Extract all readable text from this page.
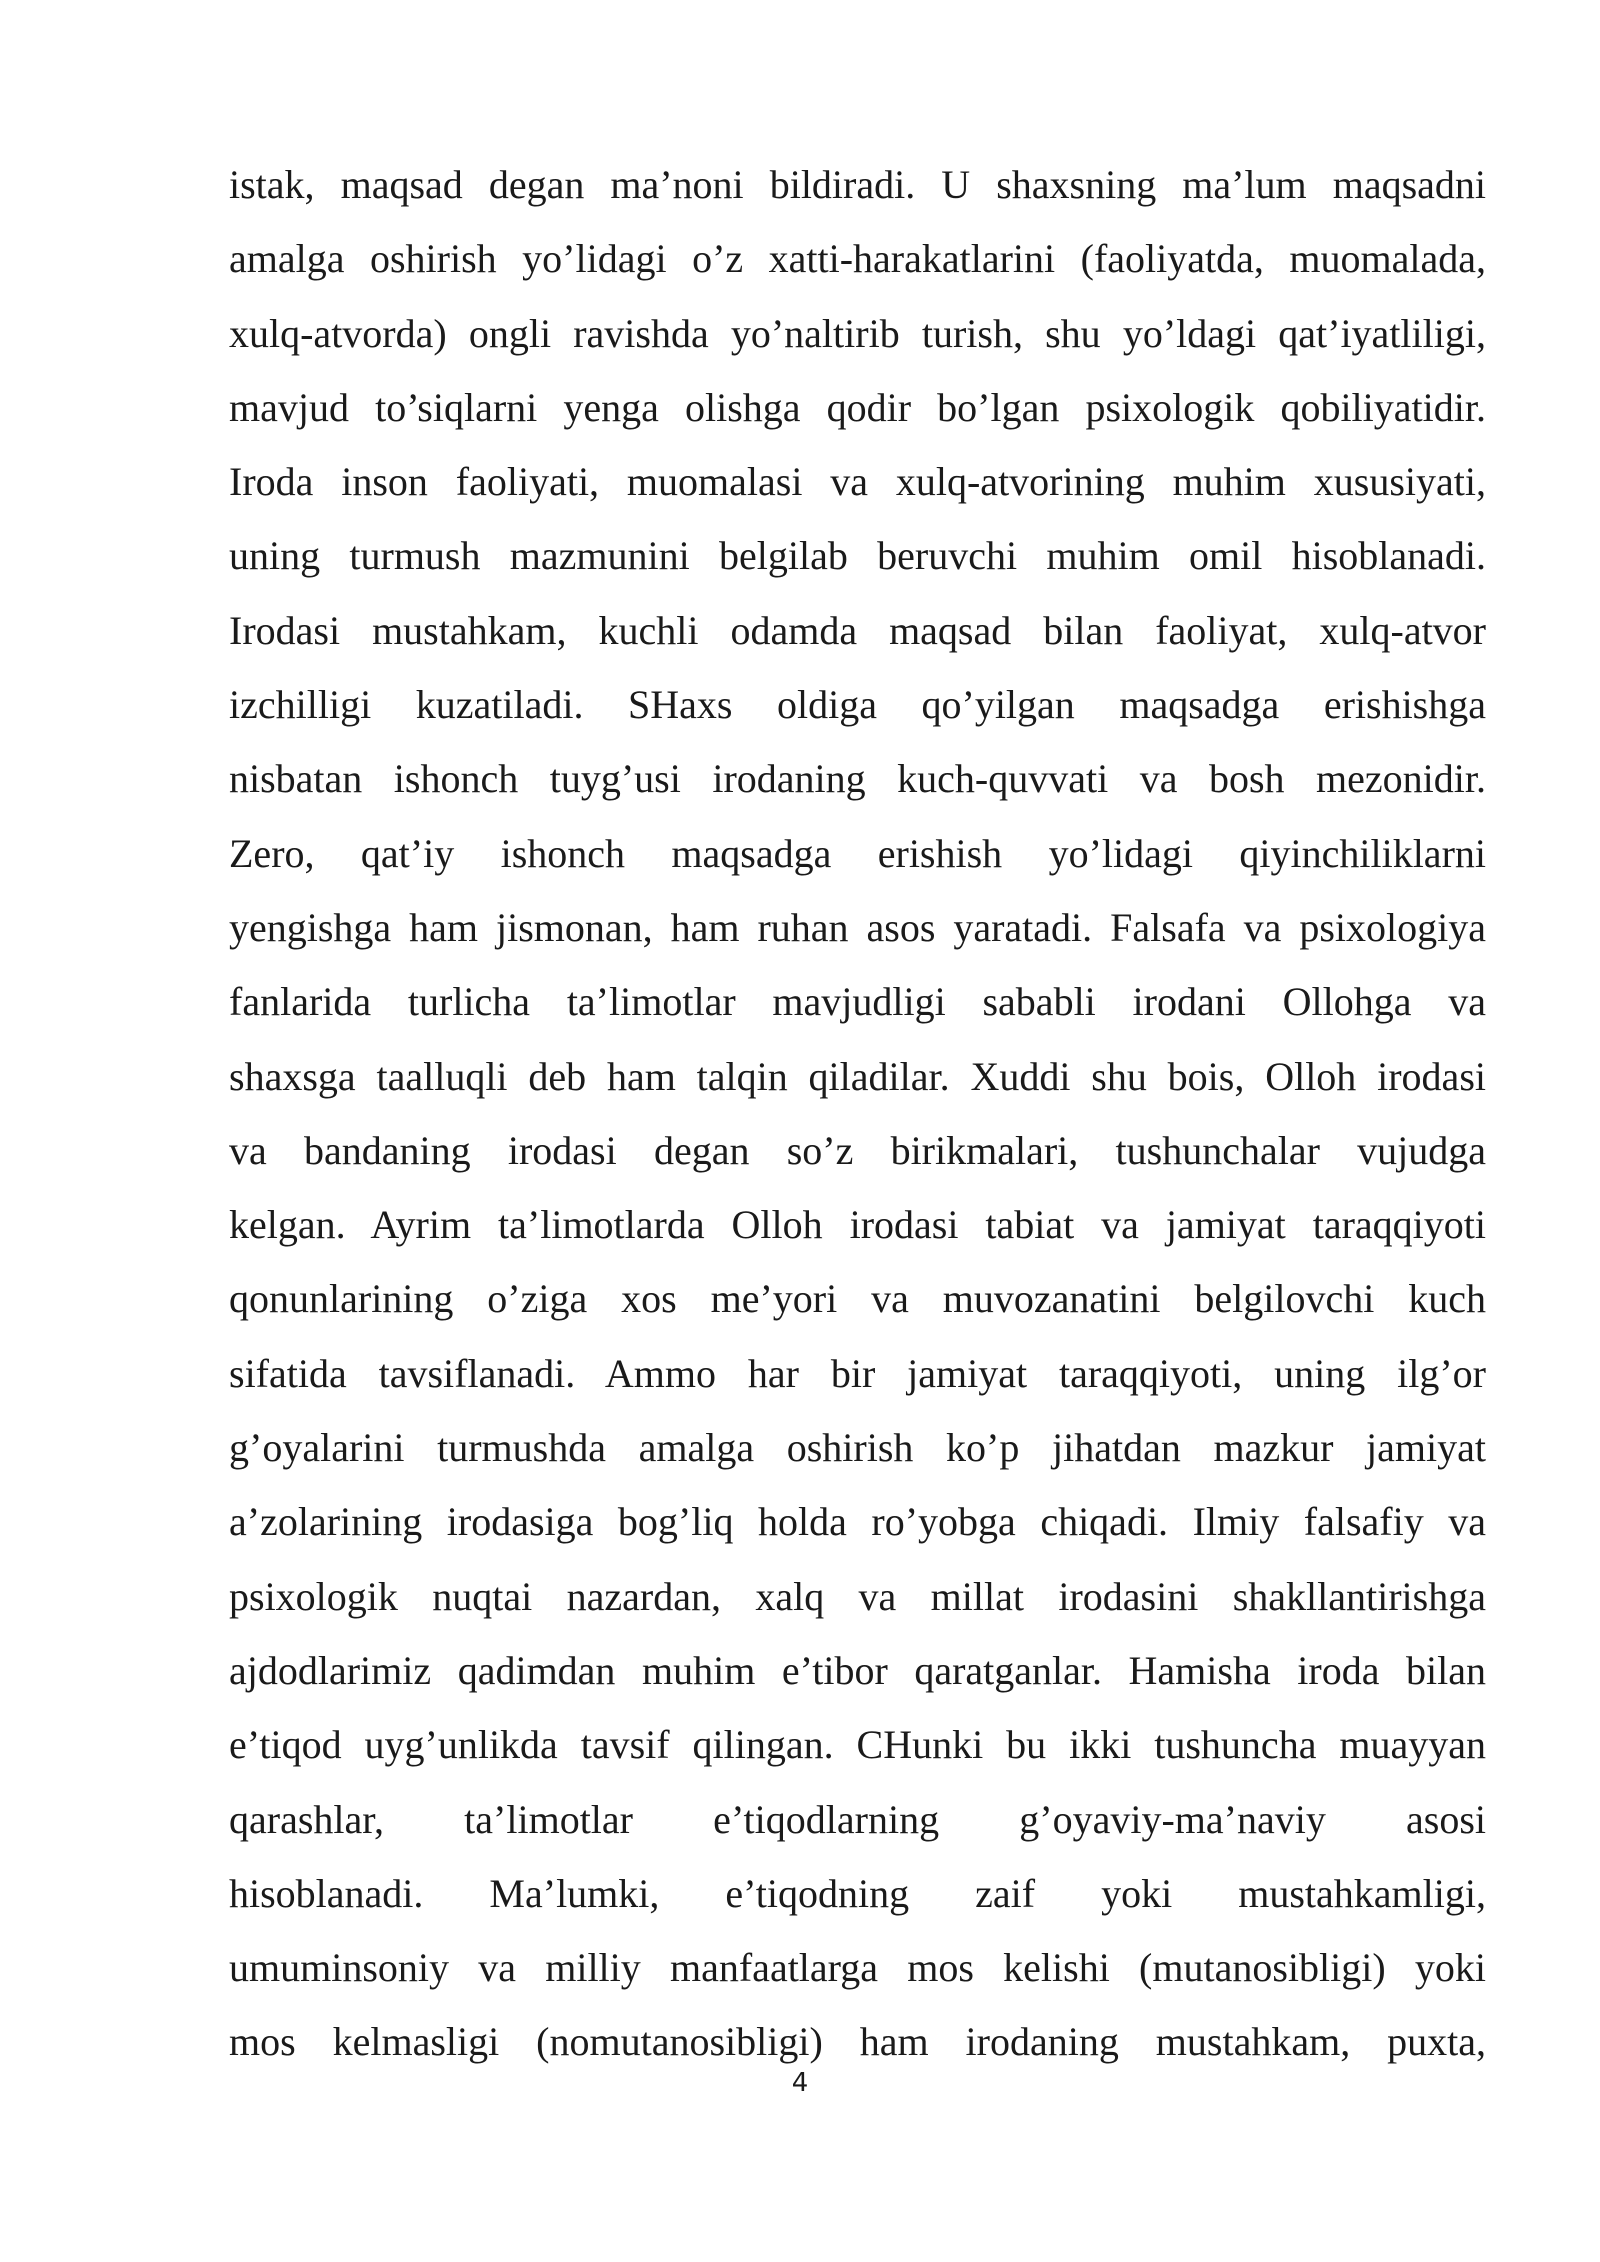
istak, maqsad degan ma’noni bildiradi. U shaxsning ma’lum maqsadni
amalga oshirish yo’lidagi o’z xatti-harakatlarini (faoliyatda, muomalada,
xulq-atvorda) ongli ravishda yo’naltirib turish, shu yo’ldagi qat’iyatliligi,
mavjud to’siqlarni yenga olishga qodir bo’lgan psixologik qobiliyatidir.
Iroda inson faoliyati, muomalasi va xulq-atvorining muhim xususiyati,
uning turmush mazmunini belgilab beruvchi muhim omil hisoblanadi.
Irodasi mustahkam, kuchli odamda maqsad bilan faoliyat, xulq-atvor
izchilligi kuzatiladi. SHaxs oldiga qo’yilgan maqsadga erishishga
nisbatan ishonch tuyg’usi irodaning kuch-quvvati va bosh mezonidir.
Zero, qat’iy ishonch maqsadga erishish yo’lidagi qiyinchiliklarni
yengishga ham jismonan, ham ruhan asos yaratadi. Falsafa va psixologiya
fanlarida turlicha ta’limotlar mavjudligi sababli irodani Ollohga va
shaxsga taalluqli deb ham talqin qiladilar. Xuddi shu bois, Olloh irodasi
va bandaning irodasi degan so’z birikmalari, tushunchalar vujudga
kelgan. Ayrim ta’limotlarda Olloh irodasi tabiat va jamiyat taraqqiyoti
qonunlarining o’ziga xos me’yori va muvozanatini belgilovchi kuch
sifatida tavsiflanadi. Ammo har bir jamiyat taraqqiyoti, uning ilg’or
g’oyalarini turmushda amalga oshirish ko’p jihatdan mazkur jamiyat
a’zolarining irodasiga bog’liq holda ro’yobga chiqadi. Ilmiy falsafiy va
psixologik nuqtai nazardan, xalq va millat irodasini shakllantirishga
ajdodlarimiz qadimdan muhim e’tibor qaratganlar. Hamisha iroda bilan
e’tiqod uyg’unlikda tavsif qilingan. CHunki bu ikki tushuncha muayyan
qarashlar, ta’limotlar e’tiqodlarning g’oyaviy-ma’naviy asosi
hisoblanadi. Ma’lumki, e’tiqodning zaif yoki mustahkamligi,
umuminsoniy va milliy manfaatlarga mos kelishi (mutanosibligi) yoki
mos kelmasligi (nomutanosibligi) ham irodaning mustahkam, puxta,
4
